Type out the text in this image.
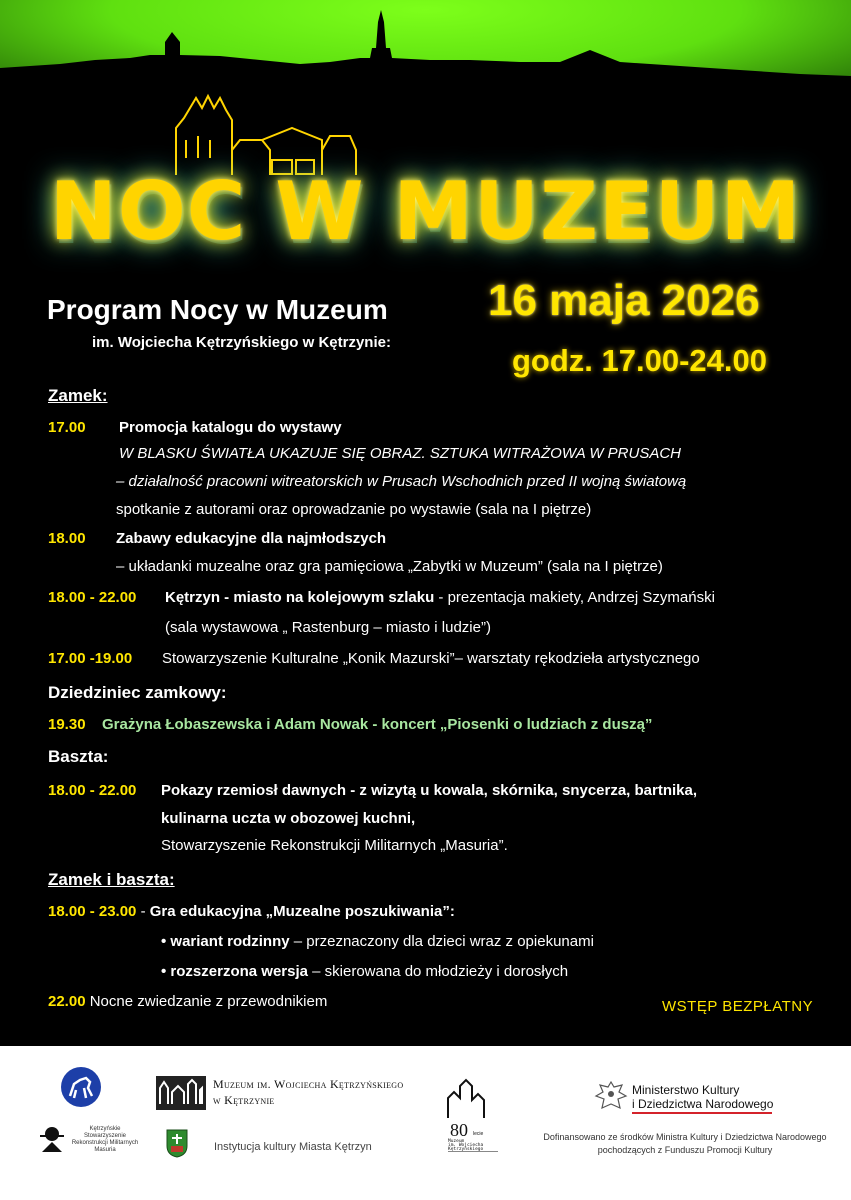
NOC W MUZEUM
Program Nocy w Muzeum
im. Wojciecha Kętrzyńskiego w Kętrzynie:
16 maja 2026
godz. 17.00-24.00
Zamek:
17.00 Promocja katalogu do wystawy
W BLASKU ŚWIATŁA UKAZUJE SIĘ OBRAZ. SZTUKA WITRAŻOWA W PRUSACH
– działalność pracowni witreatorskich w Prusach Wschodnich przed II wojną światową
spotkanie z autorami oraz oprowadzanie po wystawie (sala na I piętrze)
18.00 Zabawy edukacyjne dla najmłodszych
– układanki muzealne oraz gra pamięciowa „Zabytki w Muzeum” (sala na I piętrze)
18.00 - 22.00 Kętrzyn - miasto na kolejowym szlaku - prezentacja makiety, Andrzej Szymański
(sala wystawowa „ Rastenburg – miasto i ludzie”)
17.00 -19.00 Stowarzyszenie Kulturalne „Konik Mazurski”– warsztaty rękodzieła artystycznego
Dziedziniec zamkowy:
19.30 Grażyna Łobaszewska i Adam Nowak - koncert „Piosenki o ludziach z duszą”
Baszta:
18.00 - 22.00 Pokazy rzemiosł dawnych - z wizytą u kowala, skórnika, snycerza, bartnika,
kulinarna uczta w obozowej kuchni,
Stowarzyszenie Rekonstrukcji Militarnych „Masuria”.
Zamek i baszta:
18.00 - 23.00 - Gra edukacyjna „Muzealne poszukiwania”:
• wariant rodzinny – przeznaczony dla dzieci wraz z opiekunami
• rozszerzona wersja – skierowana do młodzieży i dorosłych
22.00 Nocne zwiedzanie z przewodnikiem	WSTĘP BEZPŁATNY
Muzeum im. Wojciecha Kętrzyńskiego
w Kętrzynie
Kętrzyńskie
Stowarzyszenie
Rekonstrukcji Militarnych
Masuria	Instytucja kultury Miasta Kętrzyn
80 lecie
Muzeum
im. Wojciecha
Kętrzyńskiego
Ministerstwo Kultury
i Dziedzictwa Narodowego
Dofinansowano ze środków Ministra Kultury i Dziedzictwa Narodowego
pochodzących z Funduszu Promocji Kultury
